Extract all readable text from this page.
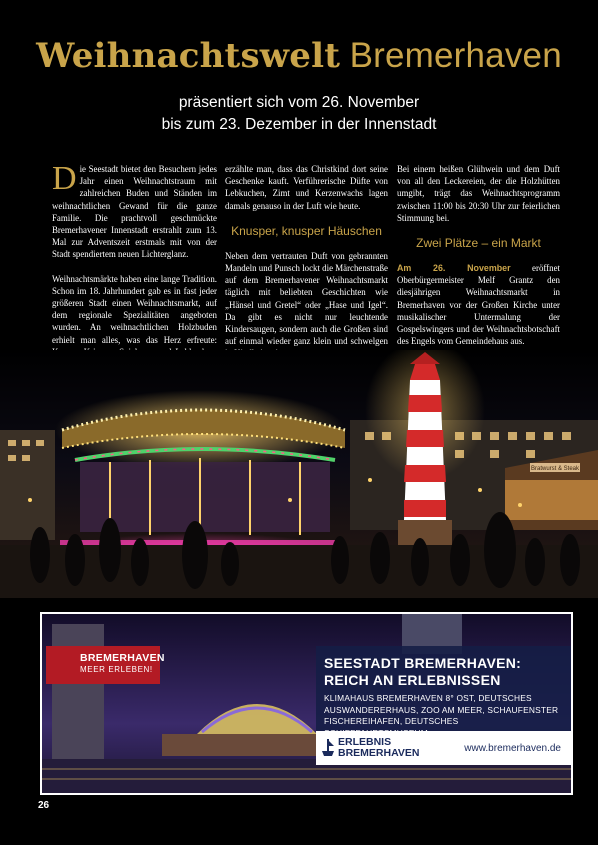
Weihnachtswelt Bremerhaven
präsentiert sich vom 26. November
bis zum 23. Dezember in der Innenstadt

Die Seestadt bietet den Besuchern jedes Jahr einen Weihnachtstraum mit zahlreichen Buden und Ständen im weihnachtlichen Gewand für die ganze Familie. Die prachtvoll geschmückte Bremerhavener Innenstadt erstrahlt zum 13. Mal zur Adventszeit erstmals mit von der Stadt spendiertem neuen Lichterglanz.

Weihnachtsmärkte haben eine lange Tradition. Schon im 18. Jahrhundert gab es in fast jeder größeren Stadt einen Weihnachtsmarkt, auf dem regionale Spezialitäten angeboten wurden. An weihnachtlichen Holzbuden erhielt man alles, was das Herz erfreute:

erzählte man, dass das Christkind dort seine Geschenke kauft. Verführerische Düfte von Lebkuchen, Zimt und Kerzenwachs lagen damals genauso in der Luft wie heute.

Knusper, knusper Häuschen

Neben dem vertrauten Duft von gebrannten Mandeln und Punsch lockt die Märchenstraße auf dem Bremerhavener Weihnachtsmarkt täglich mit beliebten Geschichten wie „Hänsel und Gretel“ oder „Hase und Igel“. Da gibt es nicht nur leuchtende Kindersaugen, sondern auch die Großen sind auf einmal wieder ganz klein und schwelgen

Bei einem heißen Glühwein und dem Duft von all den Leckereien, der die Holzhütten umgibt, trägt das Weihnachtsprogramm zwischen 11:00 bis 20:30 Uhr zur feierlichen Stimmung bei.

Zwei Plätze – ein Markt

Am 26. November eröffnet Oberbürgermeister Melf Grantz den diesjährigen Weihnachtsmarkt in Bremerhaven vor der Großen Kirche unter musikalischer Untermalung der Gospelswingers und der Weihnachtsbotschaft des Engels vom Gemeindehaus aus.

Bratwurst & Steak
BREMERHAVEN
MEER ERLEBEN!	SEESTADT BREMERHAVEN:
REICH AN ERLEBNISSEN
KLIMAHAUS BREMERHAVEN 8° OST, DEUTSCHES AUSWANDERERHAUS, ZOO AM MEER, SCHAUFENSTER FISCHEREIHAFEN, DEUTSCHES
ERLEBNIS
BREMERHAVEN	www.bremerhaven.de
26
